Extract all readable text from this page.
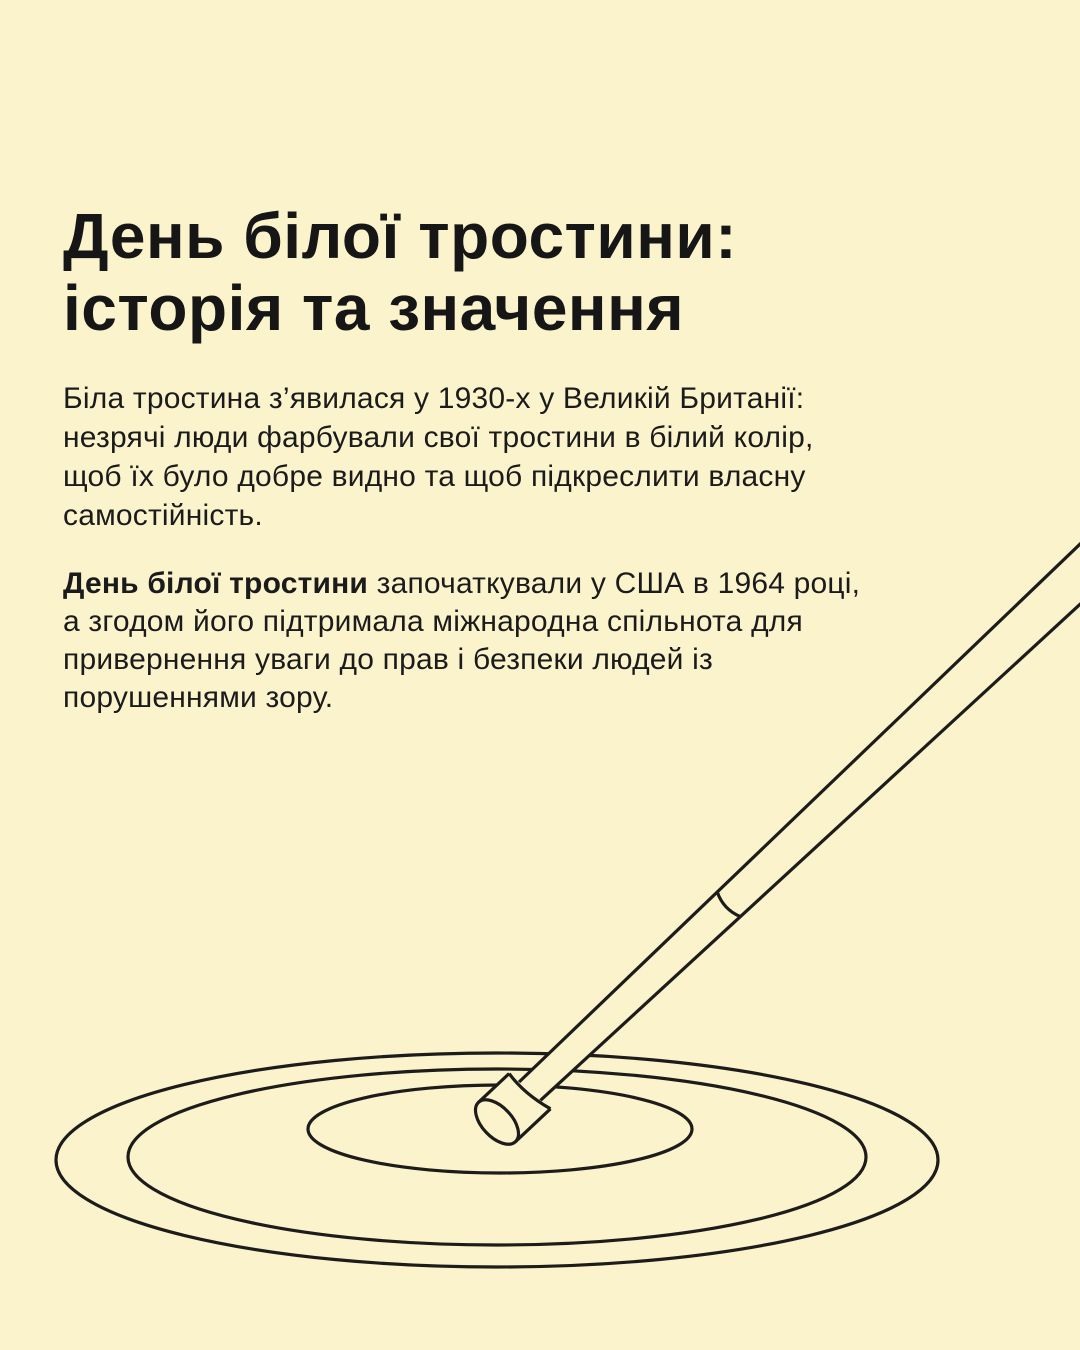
День білої тростини:
історія та значення

Біла тростина з’явилася у 1930-х у Великій Британії:
незрячі люди фарбували свої тростини в білий колір,
щоб їх було добре видно та щоб підкреслити власну
самостійність.

День білої тростини започаткували у США в 1964 році,
а згодом його підтримала міжнародна спільнота для
привернення уваги до прав і безпеки людей із
порушеннями зору.
